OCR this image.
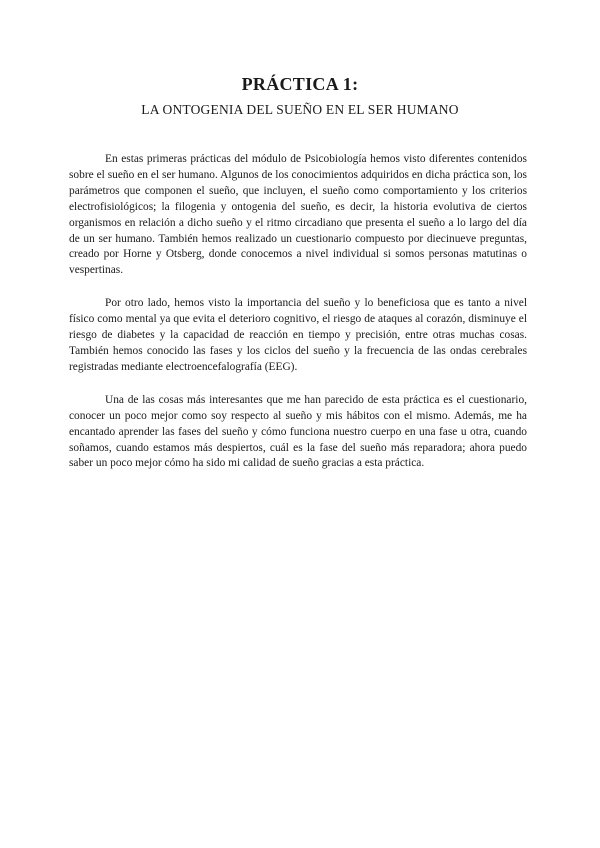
PRÁCTICA 1:
LA ONTOGENIA DEL SUEÑO EN EL SER HUMANO

En estas primeras prácticas del módulo de Psicobiología hemos visto diferentes contenidos sobre el sueño en el ser humano. Algunos de los conocimientos adquiridos en dicha práctica son, los parámetros que componen el sueño, que incluyen, el sueño como comportamiento y los criterios electrofisiológicos; la filogenia y ontogenia del sueño, es decir, la historia evolutiva de ciertos organismos en relación a dicho sueño y el ritmo circadiano que presenta el sueño a lo largo del día de un ser humano. También hemos realizado un cuestionario compuesto por diecinueve preguntas, creado por Horne y Otsberg, donde conocemos a nivel individual si somos personas matutinas o vespertinas.

Por otro lado, hemos visto la importancia del sueño y lo beneficiosa que es tanto a nivel físico como mental ya que evita el deterioro cognitivo, el riesgo de ataques al corazón, disminuye el riesgo de diabetes y la capacidad de reacción en tiempo y precisión, entre otras muchas cosas. También hemos conocido las fases y los ciclos del sueño y la frecuencia de las ondas cerebrales registradas mediante electroencefalografía (EEG).

Una de las cosas más interesantes que me han parecido de esta práctica es el cuestionario, conocer un poco mejor como soy respecto al sueño y mis hábitos con el mismo. Además, me ha encantado aprender las fases del sueño y cómo funciona nuestro cuerpo en una fase u otra, cuando soñamos, cuando estamos más despiertos, cuál es la fase del sueño más reparadora; ahora puedo saber un poco mejor cómo ha sido mi calidad de sueño gracias a esta práctica.
